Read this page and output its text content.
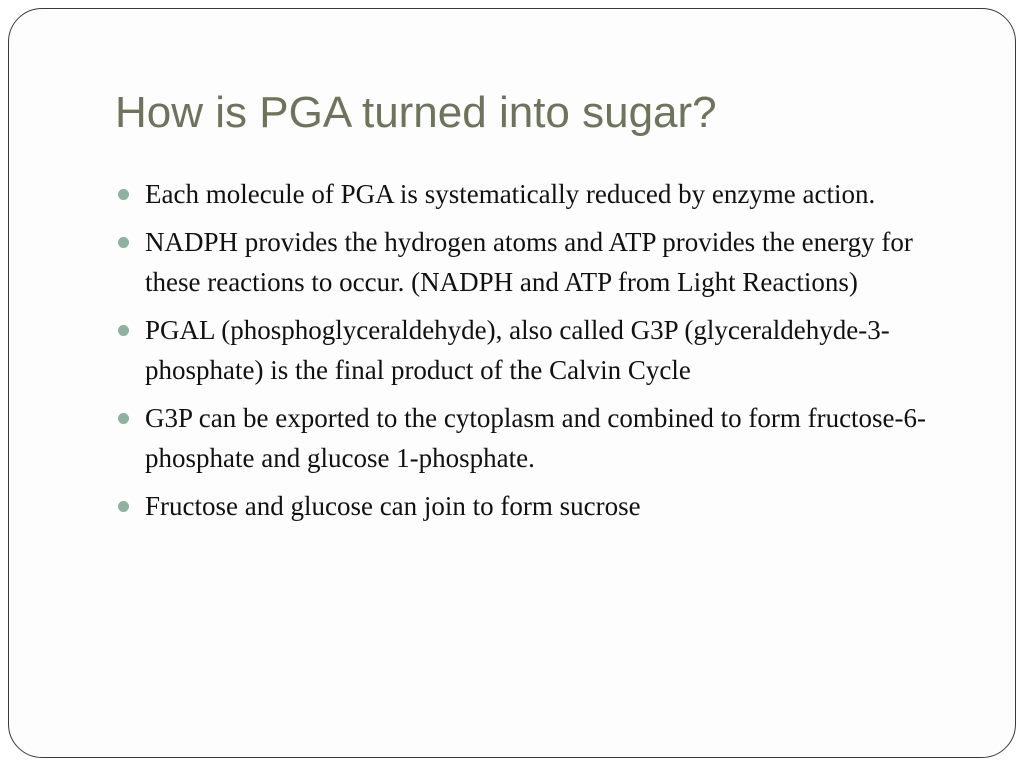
How is PGA turned into sugar?
Each molecule of PGA is systematically reduced by enzyme action.
NADPH provides the hydrogen atoms and ATP provides the energy for these reactions to occur. (NADPH and ATP from Light Reactions)
PGAL (phosphoglyceraldehyde), also called G3P (glyceraldehyde-3-phosphate) is the final product of the Calvin Cycle
G3P can be exported to the cytoplasm and combined to form fructose-6-phosphate and glucose 1-phosphate.
Fructose and glucose can join to form sucrose
